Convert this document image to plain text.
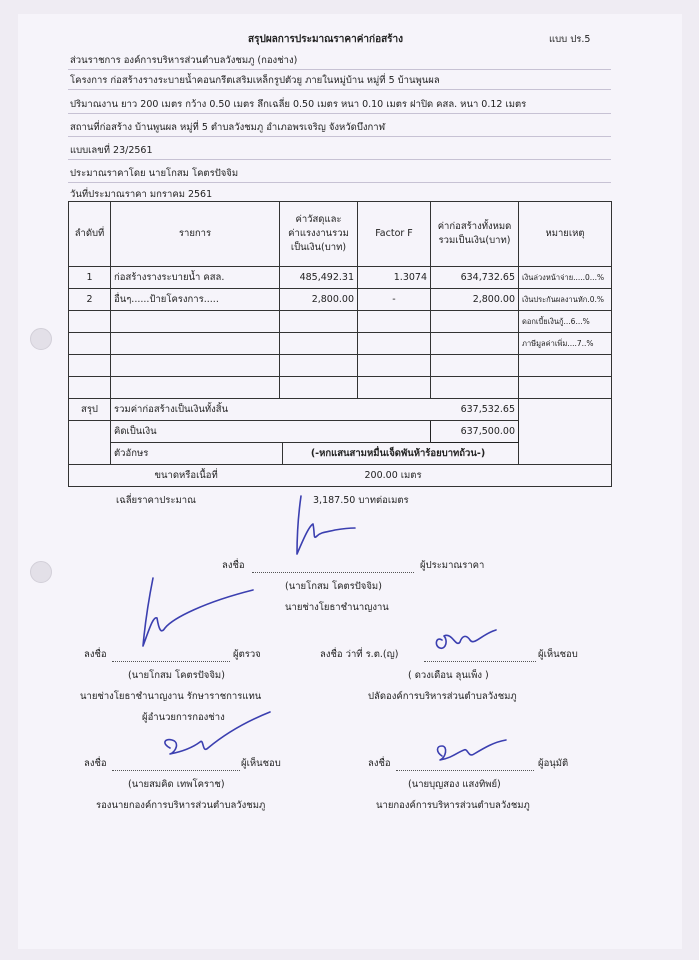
สรุปผลการประมาณราคาค่าก่อสร้าง	แบบ ปร.5
ส่วนราชการ องค์การบริหารส่วนตำบลวังชมภู (กองช่าง)
โครงการ ก่อสร้างรางระบายน้ำคอนกรีตเสริมเหล็กรูปตัวยู ภายในหมู่บ้าน หมู่ที่ 5 บ้านพูนผล
ปริมาณงาน ยาว 200 เมตร กว้าง 0.50 เมตร ลึกเฉลี่ย 0.50 เมตร หนา 0.10 เมตร ฝาปิด คสล. หนา 0.12 เมตร
สถานที่ก่อสร้าง บ้านพูนผล หมู่ที่ 5 ตำบลวังชมภู อำเภอพรเจริญ จังหวัดบึงกาฬ
แบบเลขที่ 23/2561
ประมาณราคาโดย นายโกสม โคตรปัจจิม
วันที่ประมาณราคา มกราคม 2561
ลำดับที่	รายการ	ค่าวัสดุและ ค่าแรงงานรวม เป็นเงิน(บาท)	Factor F	ค่าก่อสร้างทั้งหมด รวมเป็นเงิน(บาท)	หมายเหตุ
1	ก่อสร้างรางระบายน้ำ คสล.	485,492.31	1.3074	634,732.65	เงินล่วงหน้าจ่าย.....0...%
2	อื่นๆ......ป้ายโครงการ.....	2,800.00	-	2,800.00	เงินประกันผลงานหัก.0.%
					ดอกเบี้ยเงินกู้...6...%
					ภาษีมูลค่าเพิ่ม....7..%

สรุป	รวมค่าก่อสร้างเป็นเงินทั้งสิ้น			637,532.65	
	คิดเป็นเงิน			637,500.00	
	ตัวอักษร (-หกแสนสามหมื่นเจ็ดพันห้าร้อยบาทถ้วน-)				
	ขนาดหรือเนื้อที่ 200.00 เมตร				
เฉลี่ยราคาประมาณ	3,187.50 บาทต่อเมตร
ลงชื่อ
	ผู้ประมาณราคา
(นายโกสม โคตรปัจจิม)
นายช่างโยธาชำนาญงาน
ลงชื่อ
	ผู้ตรวจ
(นายโกสม โคตรปัจจิม)
นายช่างโยธาชำนาญงาน รักษาราชการแทน
ผู้อำนวยการกองช่าง
ลงชื่อ ว่าที่ ร.ต.(ญ)
	ผู้เห็นชอบ
( ดวงเดือน ลุนเพ็ง )
ปลัดองค์การบริหารส่วนตำบลวังชมภู
ลงชื่อ
	ผู้เห็นชอบ
(นายสมคิด เทพโคราช)
รองนายกองค์การบริหารส่วนตำบลวังชมภู
ลงชื่อ
	ผู้อนุมัติ
(นายบุญสอง แสงทิพย์)
นายกองค์การบริหารส่วนตำบลวังชมภู
